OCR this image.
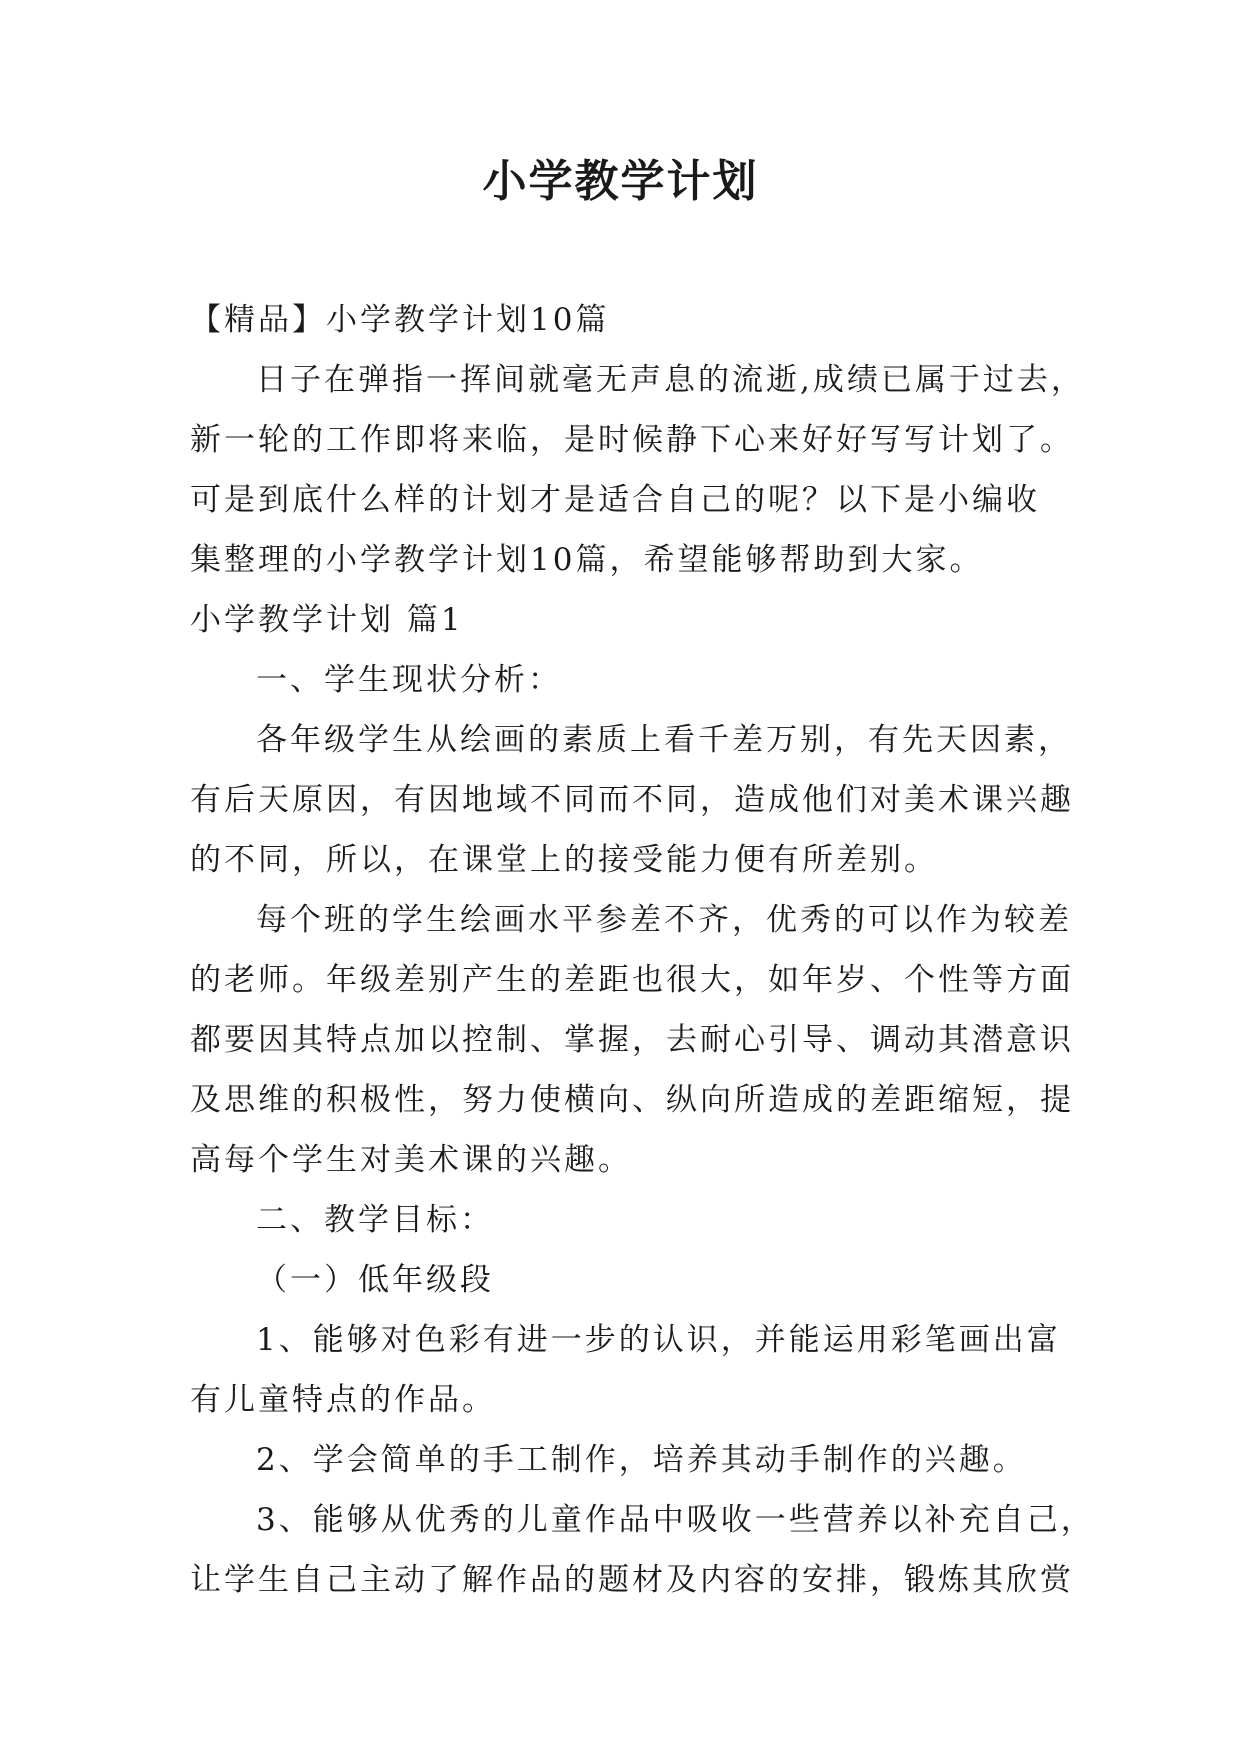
小学教学计划
【精品】小学教学计划10篇
日子在弹指一挥间就毫无声息的流逝,成绩已属于过去，
新一轮的工作即将来临，是时候静下心来好好写写计划了。
可是到底什么样的计划才是适合自己的呢？以下是小编收
集整理的小学教学计划10篇，希望能够帮助到大家。
小学教学计划 篇1
一、学生现状分析：
各年级学生从绘画的素质上看千差万别，有先天因素，
有后天原因，有因地域不同而不同，造成他们对美术课兴趣
的不同，所以，在课堂上的接受能力便有所差别。
每个班的学生绘画水平参差不齐，优秀的可以作为较差
的老师。年级差别产生的差距也很大，如年岁、个性等方面
都要因其特点加以控制、掌握，去耐心引导、调动其潜意识
及思维的积极性，努力使横向、纵向所造成的差距缩短，提
高每个学生对美术课的兴趣。
二、教学目标：
（一）低年级段
1、能够对色彩有进一步的认识，并能运用彩笔画出富
有儿童特点的作品。
2、学会简单的手工制作，培养其动手制作的兴趣。
3、能够从优秀的儿童作品中吸收一些营养以补充自己，
让学生自己主动了解作品的题材及内容的安排，锻炼其欣赏
